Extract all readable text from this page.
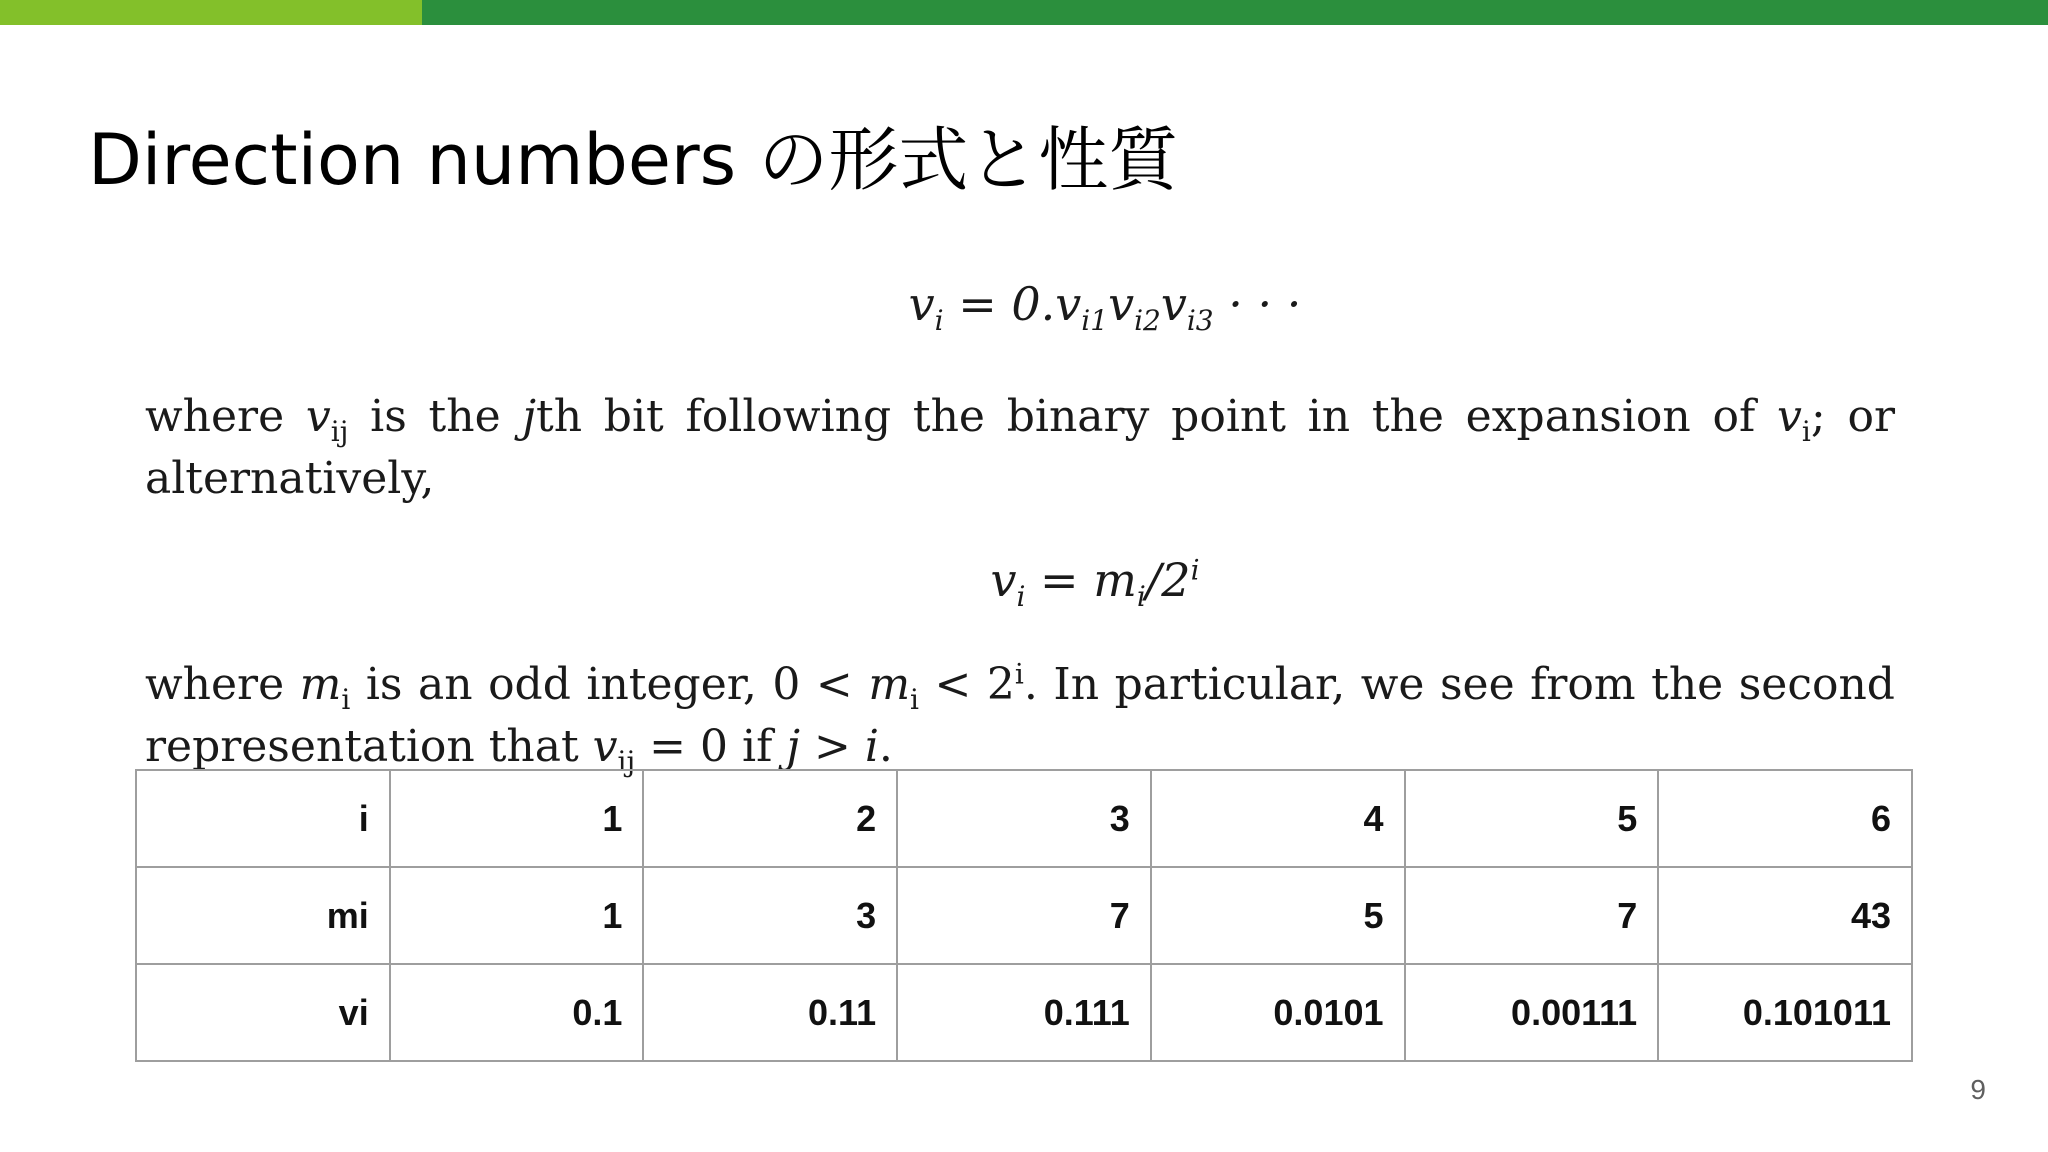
Direction numbers の形式と性質

$v_i = 0.v_{i1}v_{i2}v_{i3}$ · · ·

where $v_{ij}$ is the jth bit following the binary point in the expansion of $v_i$; or alternatively,

$v_i = m_i/2^i$

where $m_i$ is an odd integer, $0 < m_i < 2^i$. In particular, we see from the second representation that $v_{ij} = 0$ if j > i.

i	1	2	3	4	5	6
mi	1	3	7	5	7	43
vi	0.1	0.11	0.111	0.0101	0.00111	0.101011
9
